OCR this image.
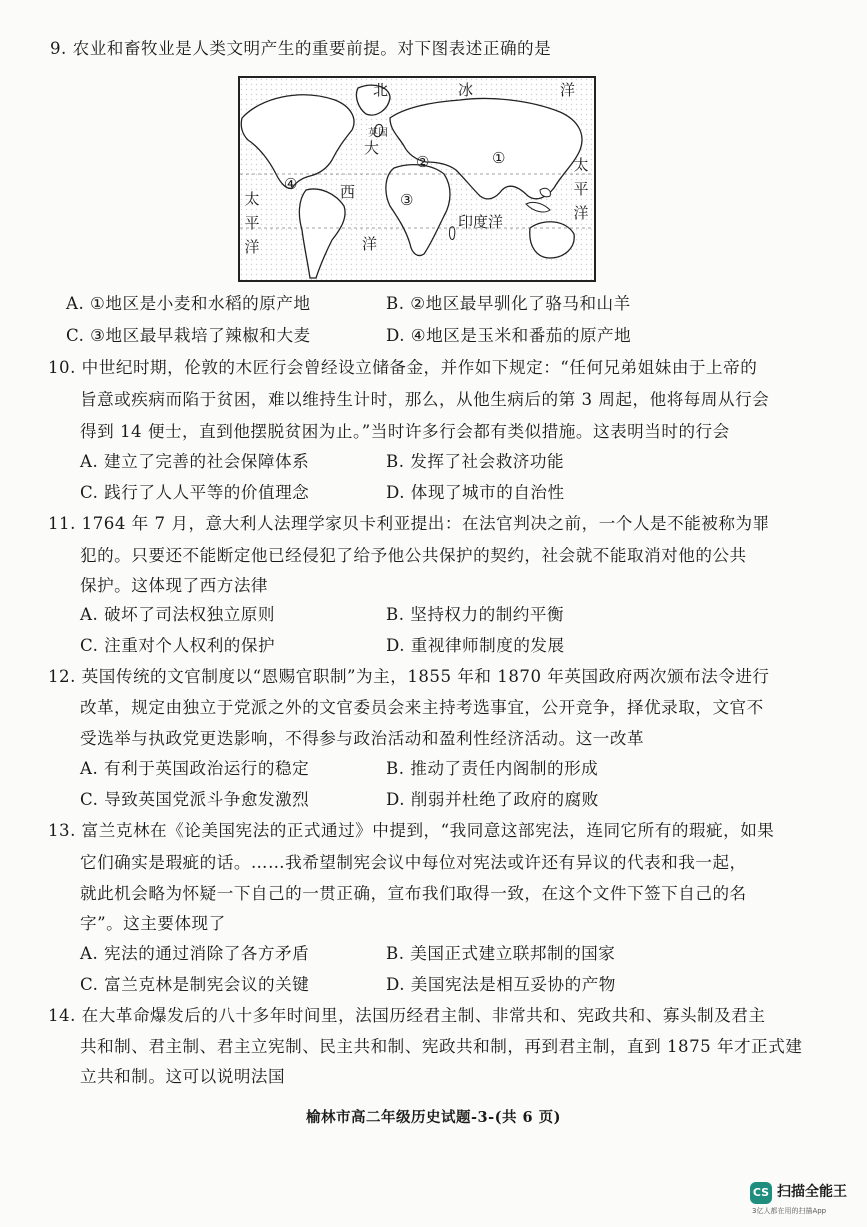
9. 农业和畜牧业是人类文明产生的重要前提。对下图表述正确的是
北	冰	洋
英国
大
西
洋
印度洋
太
平
洋
太
平
洋
①
②
③
④
A. ①地区是小麦和水稻的原产地	B. ②地区最早驯化了骆马和山羊
C. ③地区最早栽培了辣椒和大麦	D. ④地区是玉米和番茄的原产地
10. 中世纪时期，伦敦的木匠行会曾经设立储备金，并作如下规定：“任何兄弟姐妹由于上帝的
旨意或疾病而陷于贫困，难以维持生计时，那么，从他生病后的第 3 周起，他将每周从行会
得到 14 便士，直到他摆脱贫困为止。”当时许多行会都有类似措施。这表明当时的行会
A. 建立了完善的社会保障体系	B. 发挥了社会救济功能
C. 践行了人人平等的价值理念	D. 体现了城市的自治性
11. 1764 年 7 月，意大利人法理学家贝卡利亚提出：在法官判决之前，一个人是不能被称为罪
犯的。只要还不能断定他已经侵犯了给予他公共保护的契约，社会就不能取消对他的公共
保护。这体现了西方法律
A. 破坏了司法权独立原则	B. 坚持权力的制约平衡
C. 注重对个人权利的保护	D. 重视律师制度的发展
12. 英国传统的文官制度以“恩赐官职制”为主，1855 年和 1870 年英国政府两次颁布法令进行
改革，规定由独立于党派之外的文官委员会来主持考选事宜，公开竞争，择优录取，文官不
受选举与执政党更迭影响，不得参与政治活动和盈利性经济活动。这一改革
A. 有利于英国政治运行的稳定	B. 推动了责任内阁制的形成
C. 导致英国党派斗争愈发激烈	D. 削弱并杜绝了政府的腐败
13. 富兰克林在《论美国宪法的正式通过》中提到，“我同意这部宪法，连同它所有的瑕疵，如果
它们确实是瑕疵的话。……我希望制宪会议中每位对宪法或许还有异议的代表和我一起，
就此机会略为怀疑一下自己的一贯正确，宣布我们取得一致，在这个文件下签下自己的名
字”。这主要体现了
A. 宪法的通过消除了各方矛盾	B. 美国正式建立联邦制的国家
C. 富兰克林是制宪会议的关键	D. 美国宪法是相互妥协的产物
14. 在大革命爆发后的八十多年时间里，法国历经君主制、非常共和、宪政共和、寡头制及君主
共和制、君主制、君主立宪制、民主共和制、宪政共和制，再到君主制，直到 1875 年才正式建
立共和制。这可以说明法国
榆林市高二年级历史试题-3-(共 6 页)
CS 扫描全能王
3亿人都在用的扫描App
